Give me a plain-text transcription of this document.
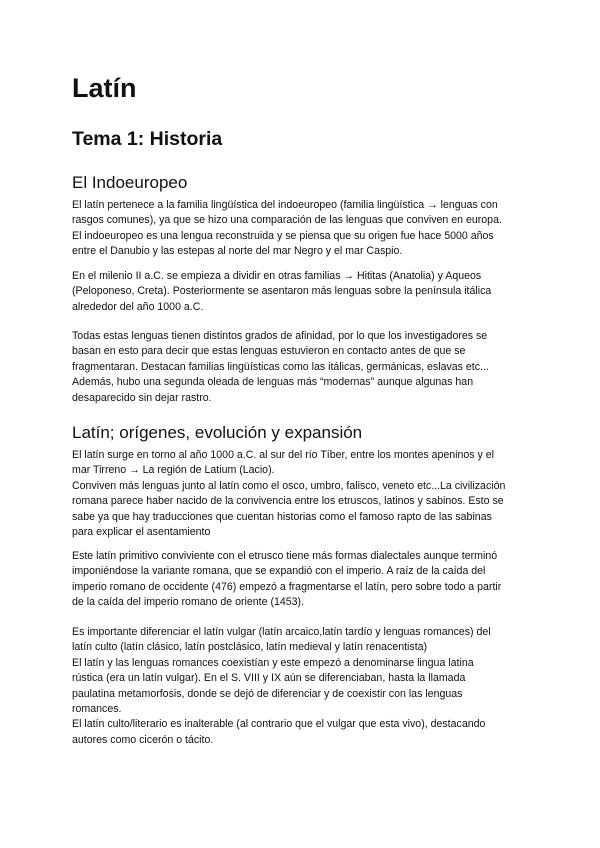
Latín
Tema 1: Historia
El Indoeuropeo
El latín pertenece a la familia lingüística del indoeuropeo (familia lingüística → lenguas con
rasgos comunes), ya que se hizo una comparación de las lenguas que conviven en europa.
El indoeuropeo es una lengua reconstruida y se piensa que su origen fue hace 5000 años
entre el Danubio y las estepas al norte del mar Negro y el mar Caspio.
En el milenio II a.C. se empieza a dividir en otras familias → Hititas (Anatolia) y Aqueos
(Peloponeso, Creta). Posteriormente se asentaron más lenguas sobre la península itálica
alrededor del año 1000 a.C.
Todas estas lenguas tienen distintos grados de afinidad, por lo que los investigadores se
basan en esto para decir que estas lenguas estuvieron en contacto antes de que se
fragmentaran. Destacan familias lingüísticas como las itálicas, germánicas, eslavas etc...
Además, hubo una segunda oleada de lenguas más “modernas” aunque algunas han
desaparecido sin dejar rastro.
Latín; orígenes, evolución y expansión
El latín surge en torno al año 1000 a.C. al sur del río Tíber, entre los montes apeninos y el
mar Tirreno → La región de Latium (Lacio).
Conviven más lenguas junto al latín como el osco, umbro, falisco, veneto etc...La civilización
romana parece haber nacido de la convivencia entre los etruscos, latinos y sabinos. Esto se
sabe ya que hay traducciones que cuentan historias como el famoso rapto de las sabinas
para explicar el asentamiento
Este latín primitivo conviviente con el etrusco tiene más formas dialectales aunque terminó
imponiéndose la variante romana, que se expandió con el imperio. A raíz de la caída del
imperio romano de occidente (476) empezó a fragmentarse el latín, pero sobre todo a partir
de la caída del imperio romano de oriente (1453).
Es importante diferenciar el latín vulgar (latín arcaico,latín tardío y lenguas romances) del
latín culto (latín clásico, latín postclásico, latín medieval y latín renacentista)
El latín y las lenguas romances coexistían y este empezó a denominarse lingua latina
rústica (era un latín vulgar). En el S. VIII y IX aún se diferenciaban, hasta la llamada
paulatina metamorfosis, donde se dejó de diferenciar y de coexistir con las lenguas
romances.
El latín culto/literario es inalterable (al contrario que el vulgar que esta vivo), destacando
autores como cicerón o tácito.
